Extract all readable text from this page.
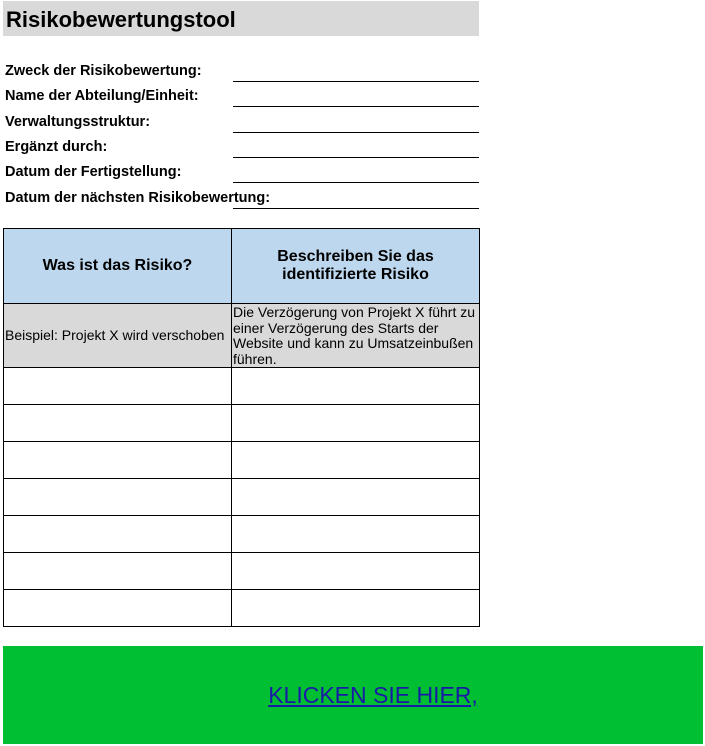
Risikobewertungstool
Zweck der Risikobewertung:
Name der Abteilung/Einheit:
Verwaltungsstruktur:
Ergänzt durch:
Datum der Fertigstellung:
Datum der nächsten Risikobewertung:
Was ist das Risiko?	Beschreiben Sie das identifizierte Risiko
Beispiel: Projekt X wird verschoben	Die Verzögerung von Projekt X führt zu einer Verzögerung des Starts der Website und kann zu Umsatzeinbußen führen.

KLICKEN SIE HIER,
